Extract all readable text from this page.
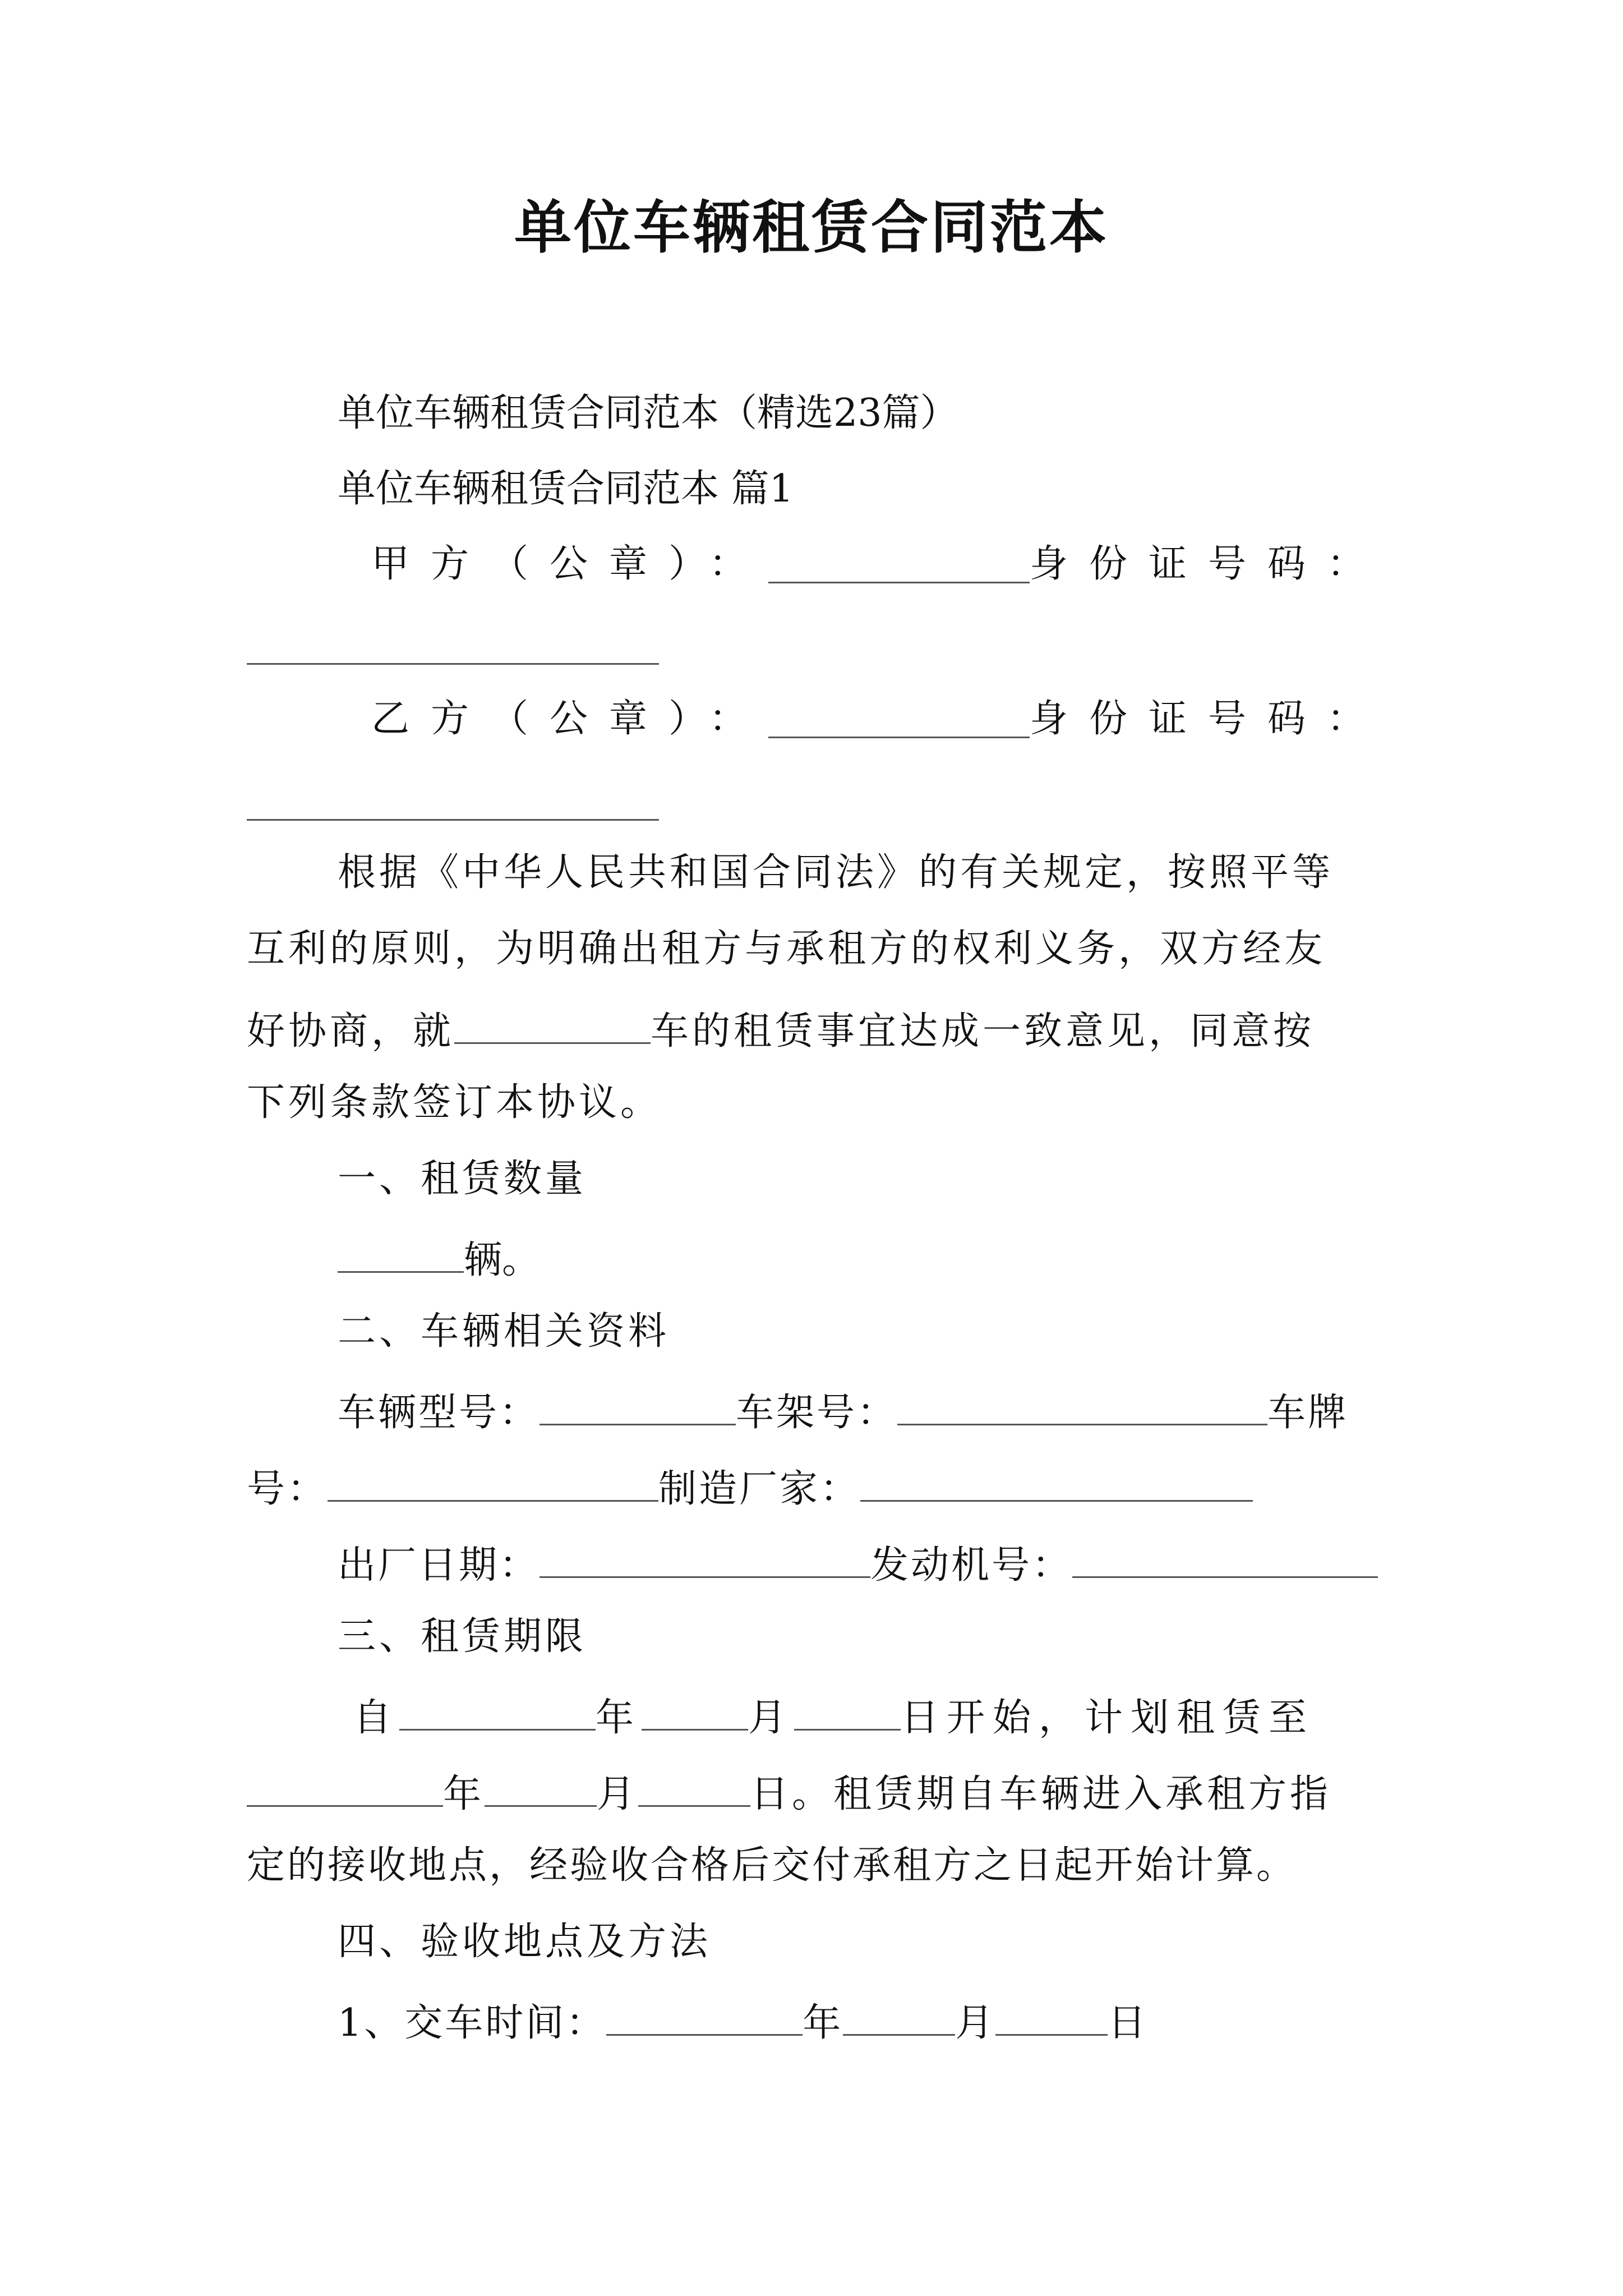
单位车辆租赁合同范本
单位车辆租赁合同范本（精选23篇）
单位车辆租赁合同范本 篇1
甲方（公章）：	身份证号码：
乙方（公章）：	身份证号码：
根据《中华人民共和国合同法》的有关规定，按照平等
互利的原则，为明确出租方与承租方的权利义务，双方经友
好协商，就	车的租赁事宜达成一致意见，同意按
下列条款签订本协议。
一、租赁数量
辆。
二、车辆相关资料
车辆型号：	车架号：	车牌
号：	制造厂家：
出厂日期：	发动机号：
三、租赁期限
自	年	月	日开始，计划租赁至
年	月	日。租赁期自车辆进入承租方指
定的接收地点，经验收合格后交付承租方之日起开始计算。
四、验收地点及方法
1、交车时间：	年	月	日
